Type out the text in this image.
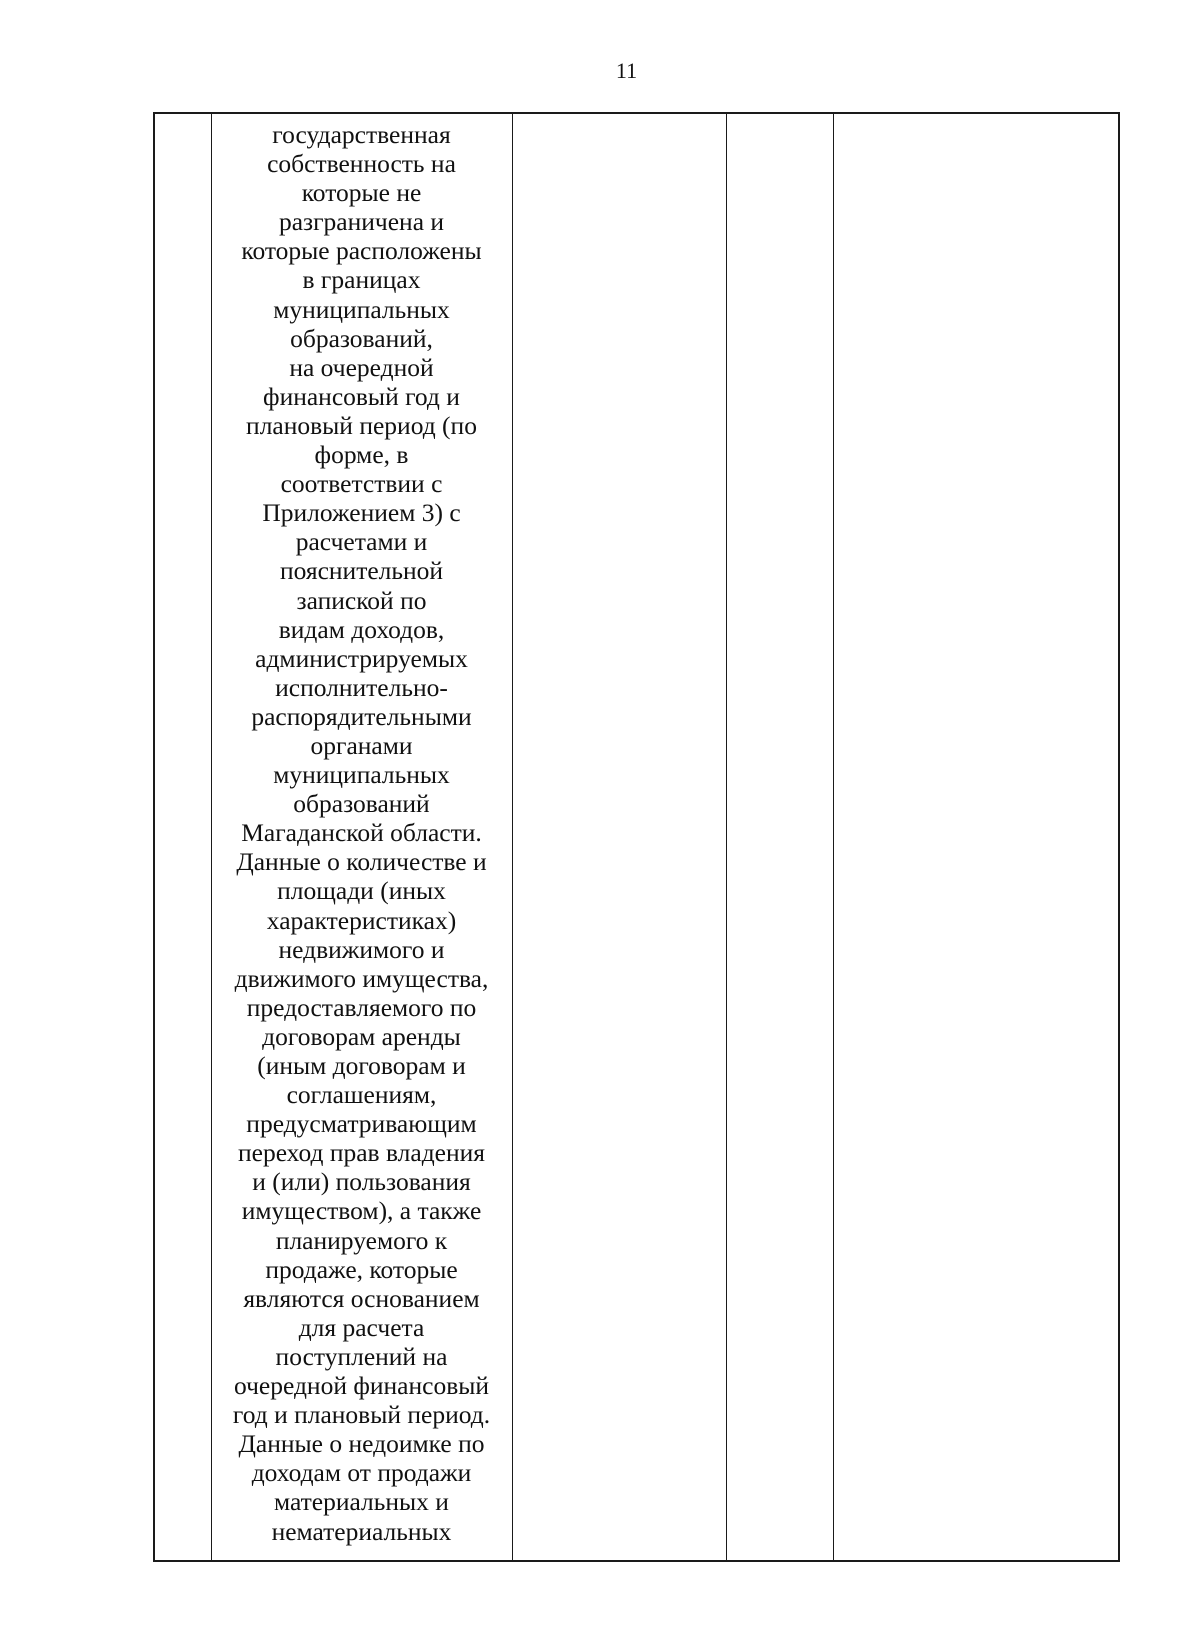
11
государственная
собственность на
которые не
разграничена и
которые расположены
в границах
муниципальных
образований,
на очередной
финансовый год и
плановый период (по
форме, в
соответствии с
Приложением 3) с
расчетами и
пояснительной
запиской по
видам доходов,
администрируемых
исполнительно-
распорядительными
органами
муниципальных
образований
Магаданской области.
Данные о количестве и
площади (иных
характеристиках)
недвижимого и
движимого имущества,
предоставляемого по
договорам аренды
(иным договорам и
соглашениям,
предусматривающим
переход прав владения
и (или) пользования
имуществом), а также
планируемого к
продаже, которые
являются основанием
для расчета
поступлений на
очередной финансовый
год и плановый период.
Данные о недоимке по
доходам от продажи
материальных и
нематериальных
